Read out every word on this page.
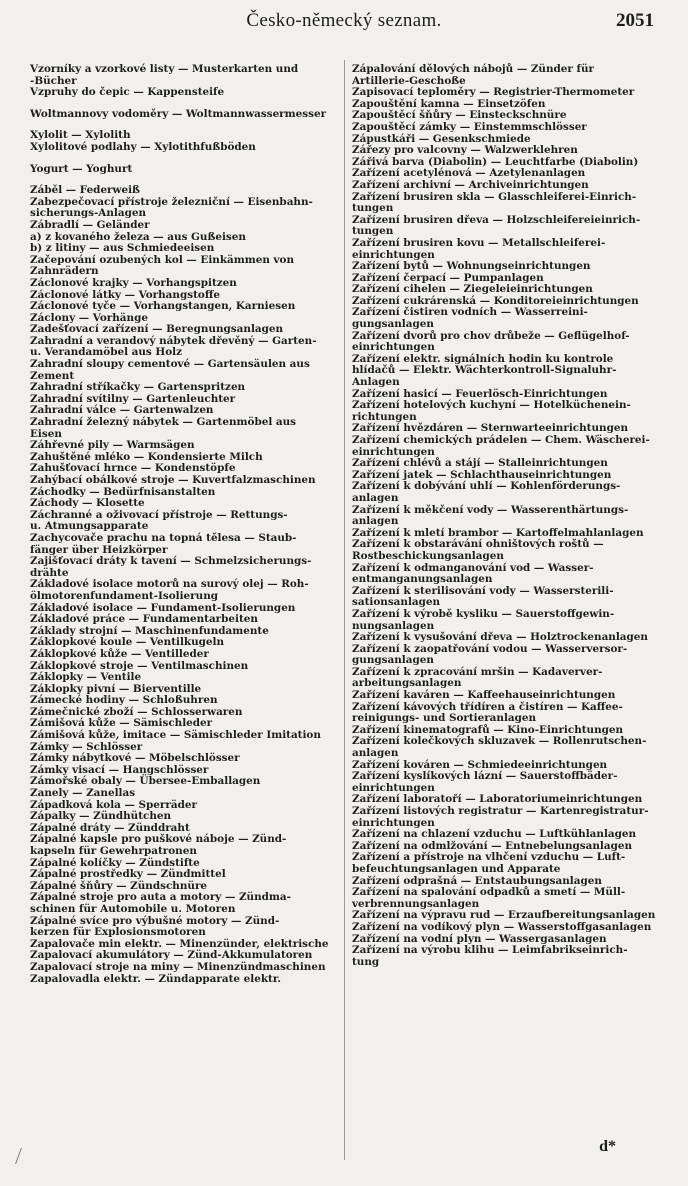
Česko-německý seznam.	2051

Vzorníky a vzorkové listy — Musterkarten und
-Bücher

Vzpruhy do čepic — Kappensteife

Woltmannovy vodoměry — Woltmannwassermesser

Xylolit — Xylolith

Xylolitové podlahy — Xylotithfußböden

Yogurt — Yoghurt

Záběl — Federweiß

Zabezpečovací přístroje železniční — Eisenbahn-
sicherungs-Anlagen

Zábradlí — Geländer

a) z kovaného železa — aus Gußeisen

b) z litiny — aus Schmiedeeisen

Začepování ozubených kol — Einkämmen von
Zahnrädern

Záclonové krajky — Vorhangspitzen

Záclonové látky — Vorhangstoffe

Záclonové tyče — Vorhangstangen, Karniesen

Záclony — Vorhänge

Zadešťovací zařízení — Beregnungsanlagen

Zahradní a verandový nábytek dřevěný — Garten-
u. Verandamöbel aus Holz

Zahradní sloupy cementové — Gartensäulen aus
Zement

Zahradní stříkačky — Gartenspritzen

Zahradní svítilny — Gartenleuchter

Zahradní válce — Gartenwalzen

Zahradní železný nábytek — Gartenmöbel aus
Eisen

Záhřevné pily — Warmsägen

Zahuštěné mléko — Kondensierte Milch

Zahušťovací hrnce — Kondenstöpfe

Zahýbací obálkové stroje — Kuvertfalzmaschinen

Záchodky — Bedürfnisanstalten

Záchody — Klosette

Záchranné a oživovací přístroje — Rettungs-
u. Atmungsapparate

Zachycovače prachu na topná tělesa — Staub-
fänger über Heizkörper

Zajišťovací dráty k tavení — Schmelzsicherungs-
drähte

Základové isolace motorů na surový olej — Roh-
ölmotorenfundament-Isolierung

Základové isolace — Fundament-Isolierungen

Základové práce — Fundamentarbeiten

Základy strojní — Maschinenfundamente

Záklopkové koule — Ventilkugeln

Záklopkové kůže — Ventilleder

Záklopkové stroje — Ventilmaschinen

Záklopky — Ventile

Záklopky pivní — Bierventille

Zámecké hodiny — Schloßuhren

Zámečnické zboží — Schlosserwaren

Zámišová kůže — Sämischleder

Zámišová kůže, imitace — Sämischleder Imitation

Zámky — Schlösser

Zámky nábytkové — Möbelschlösser

Zámky visací — Hangschlösser

Zámořské obaly — Übersee-Emballagen

Zanely — Zanellas

Západková kola — Sperräder

Zápalky — Zündhütchen

Zápalné dráty — Zünddraht

Zápalné kapsle pro puškové náboje — Zünd-
kapseln für Gewehrpatronen

Zápalné kolíčky — Zündstifte

Zápalné prostředky — Zündmittel

Zápalné šňůry — Zündschnüre

Zápalné stroje pro auta a motory — Zündma-
schinen für Automobile u. Motoren

Zápalné svíce pro výbušné motory — Zünd-
kerzen für Explosionsmotoren

Zapalovače min elektr. — Minenzünder, elektrische

Zapalovací akumulátory — Zünd-Akkumulatoren

Zapalovací stroje na miny — Minenzündmaschinen

Zapalovadla elektr. — Zündapparate elektr.

Zápalování dělových nábojů — Zünder für
Artillerie-Geschoße

Zapisovací teploměry — Registrier-Thermometer

Zapouštění kamna — Einsetzöfen

Zapouštěcí šňůry — Einsteckschnüre

Zapouštěcí zámky — Einstemmschlösser

Zápustkáři — Gesenkschmiede

Zářezy pro valcovny — Walzwerklehren

Zářivá barva (Diabolin) — Leuchtfarbe (Diabolin)

Zařízení acetylénová — Azetylenanlagen

Zařízení archivní — Archiveinrichtungen

Zařízení brusiren skla — Glasschleiferei-Einrich-
tungen

Zařízení brusiren dřeva — Holzschleifereieinrich-
tungen

Zařízení brusiren kovu — Metallschleiferei-
einrichtungen

Zařízení bytů — Wohnungseinrichtungen

Zařízení čerpací — Pumpanlagen

Zařízení cihelen — Ziegeleieinrichtungen

Zařízení cukrárenská — Konditoreieinrichtungen

Zařízení čistiren vodních — Wasserreini-
gungsanlagen

Zařízení dvorů pro chov drůbeže — Geflügelhof-
einrichtungen

Zařízení elektr. signálních hodin ku kontrole
hlídačů — Elektr. Wächterkontroll-Signaluhr-
Anlagen

Zařízení hasicí — Feuerlösch-Einrichtungen

Zařízení hotelových kuchyní — Hotelküchenein-
richtungen

Zařízení hvězdáren — Sternwarteeinrichtungen

Zařízení chemických prádelen — Chem. Wäscherei-
einrichtungen

Zařízení chlévů a stájí — Stalleinrichtungen

Zařízení jatek — Schlachthauseinrichtungen

Zařízení k dobývání uhlí — Kohlenförderungs-
anlagen

Zařízení k měkčení vody — Wasserenthärtungs-
anlagen

Zařízení k mletí brambor — Kartoffelmahlanlagen

Zařízení k obstarávání ohništových roštů —
Rostbeschickungsanlagen

Zařízení k odmanganování vod — Wasser-
entmanganungsanlagen

Zařízení k sterilisování vody — Wassersterili-
sationsanlagen

Zařízení k výrobě kysliku — Sauerstoffgewin-
nungsanlagen

Zařízení k vysušování dřeva — Holztrockenanlagen

Zařízení k zaopatřování vodou — Wasserversor-
gungsanlagen

Zařízení k zpracování mršin — Kadaverver-
arbeitungsanlagen

Zařízení kaváren — Kaffeehauseinrichtungen

Zařízení kávových třídíren a čistíren — Kaffee-
reinigungs- und Sortieranlagen

Zařízení kinematografů — Kino-Einrichtungen

Zařízení kolečkových skluzavek — Rollenrutschen-
anlagen

Zařízení kováren — Schmiedeeinrichtungen

Zařízení kyslíkových lázní — Sauerstoffbäder-
einrichtungen

Zařízení laboratoří — Laboratoriumeinrichtungen

Zařízení listových registratur — Kartenregistratur-
einrichtungen

Zařízení na chlazení vzduchu — Luftkühlanlagen

Zařízení na odmlžování — Entnebelungsanlagen

Zařízení a přístroje na vlhčení vzduchu — Luft-
befeuchtungsanlagen und Apparate

Zařízení odprašná — Entstaubungsanlagen

Zařízení na spalování odpadků a smetí — Müll-
verbrennungsanlagen

Zařízení na výpravu rud — Erzaufbereitungsanlagen

Zařízení na vodíkový plyn — Wasserstoffgasanlagen

Zařízení na vodní plyn — Wassergasanlagen

Zařízení na výrobu klihu — Leimfabrikseinrich-
tung

d*
